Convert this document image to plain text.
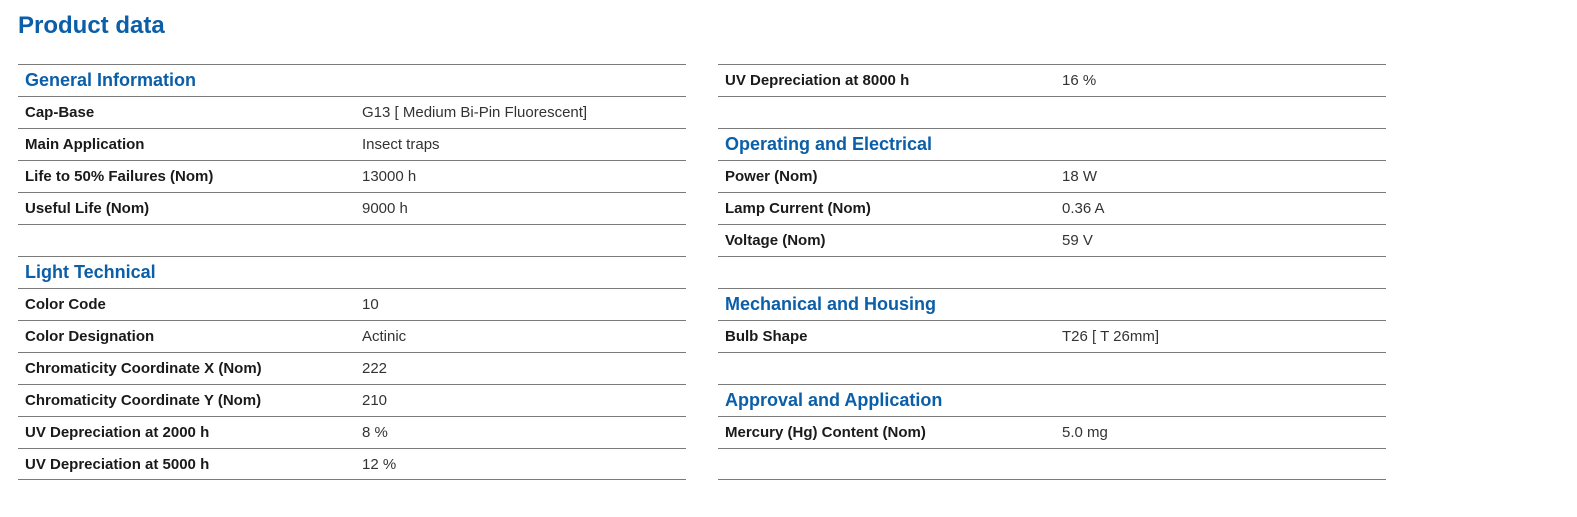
Product data
General Information
Cap-Base	G13 [ Medium Bi-Pin Fluorescent]
Main Application	Insect traps
Life to 50% Failures (Nom)	13000 h
Useful Life (Nom)	9000 h
Light Technical
Color Code	10
Color Designation	Actinic
Chromaticity Coordinate X (Nom)	222
Chromaticity Coordinate Y (Nom)	210
UV Depreciation at 2000 h	8 %
UV Depreciation at 5000 h	12 %
UV Depreciation at 8000 h	16 %
Operating and Electrical
Power (Nom)	18 W
Lamp Current (Nom)	0.36 A
Voltage (Nom)	59 V
Mechanical and Housing
Bulb Shape	T26 [ T 26mm]
Approval and Application
Mercury (Hg) Content (Nom)	5.0 mg
